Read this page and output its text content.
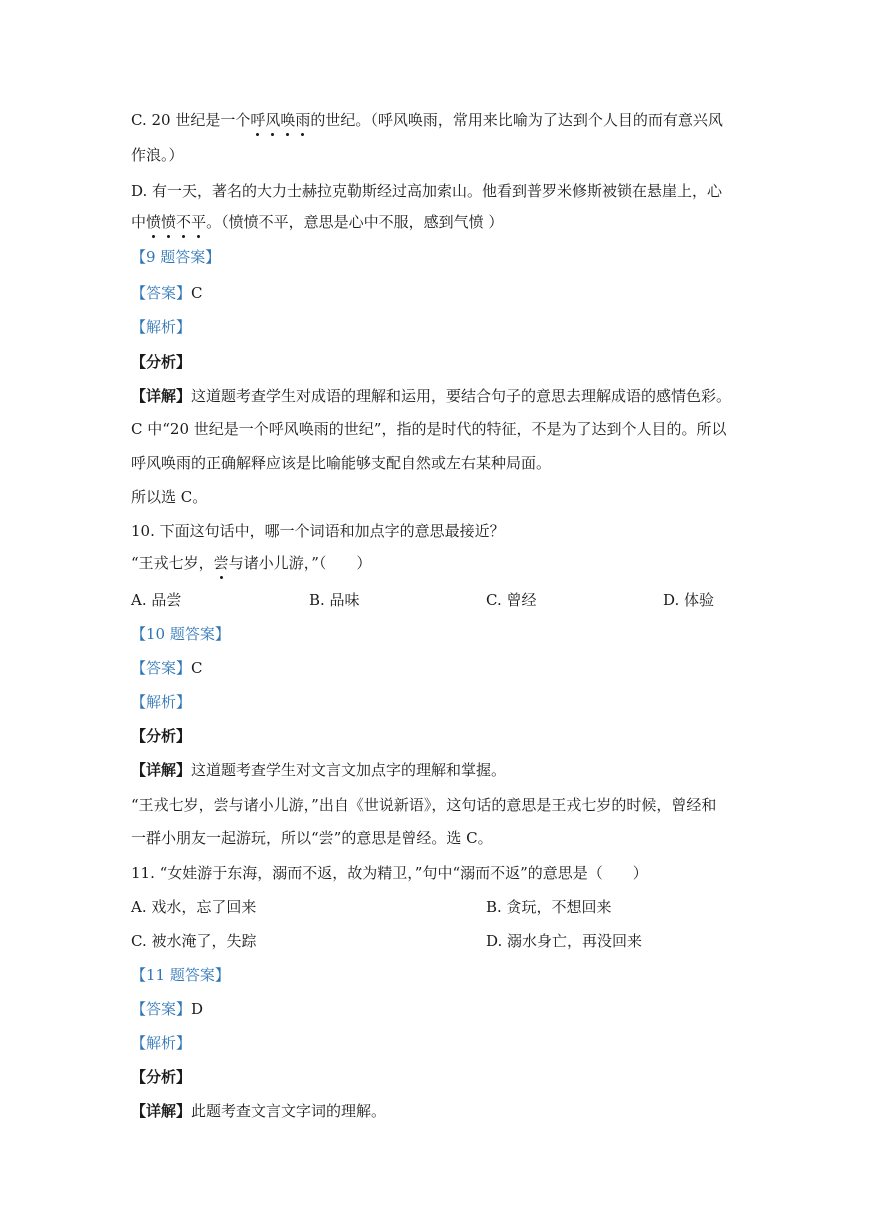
C. 20 世纪是一个呼风唤雨的世纪。（呼风唤雨，常用来比喻为了达到个人目的而有意兴风
作浪。）
D. 有一天，著名的大力士赫拉克勒斯经过高加索山。他看到普罗米修斯被锁在悬崖上，心
中愤愤不平。（愤愤不平，意思是心中不服，感到气愤 ）
【9 题答案】
【答案】C
【解析】
【分析】
【详解】这道题考查学生对成语的理解和运用，要结合句子的意思去理解成语的感情色彩。
C 中“20 世纪是一个呼风唤雨的世纪”，指的是时代的特征，不是为了达到个人目的。所以
呼风唤雨的正确解释应该是比喻能够支配自然或左右某种局面。
所以选 C。
10. 下面这句话中，哪一个词语和加点字的意思最接近？
“王戎七岁，尝与诸小儿游，”（　　）
A. 品尝	B. 品味	C. 曾经	D. 体验
【10 题答案】
【答案】C
【解析】
【分析】
【详解】这道题考查学生对文言文加点字的理解和掌握。
“王戎七岁，尝与诸小儿游，”出自《世说新语》，这句话的意思是王戎七岁的时候，曾经和
一群小朋友一起游玩，所以“尝”的意思是曾经。选 C。
11. “女娃游于东海，溺而不返，故为精卫，”句中“溺而不返”的意思是（　　）
A. 戏水，忘了回来	B. 贪玩，不想回来
C. 被水淹了，失踪	D. 溺水身亡，再没回来
【11 题答案】
【答案】D
【解析】
【分析】
【详解】此题考查文言文字词的理解。
